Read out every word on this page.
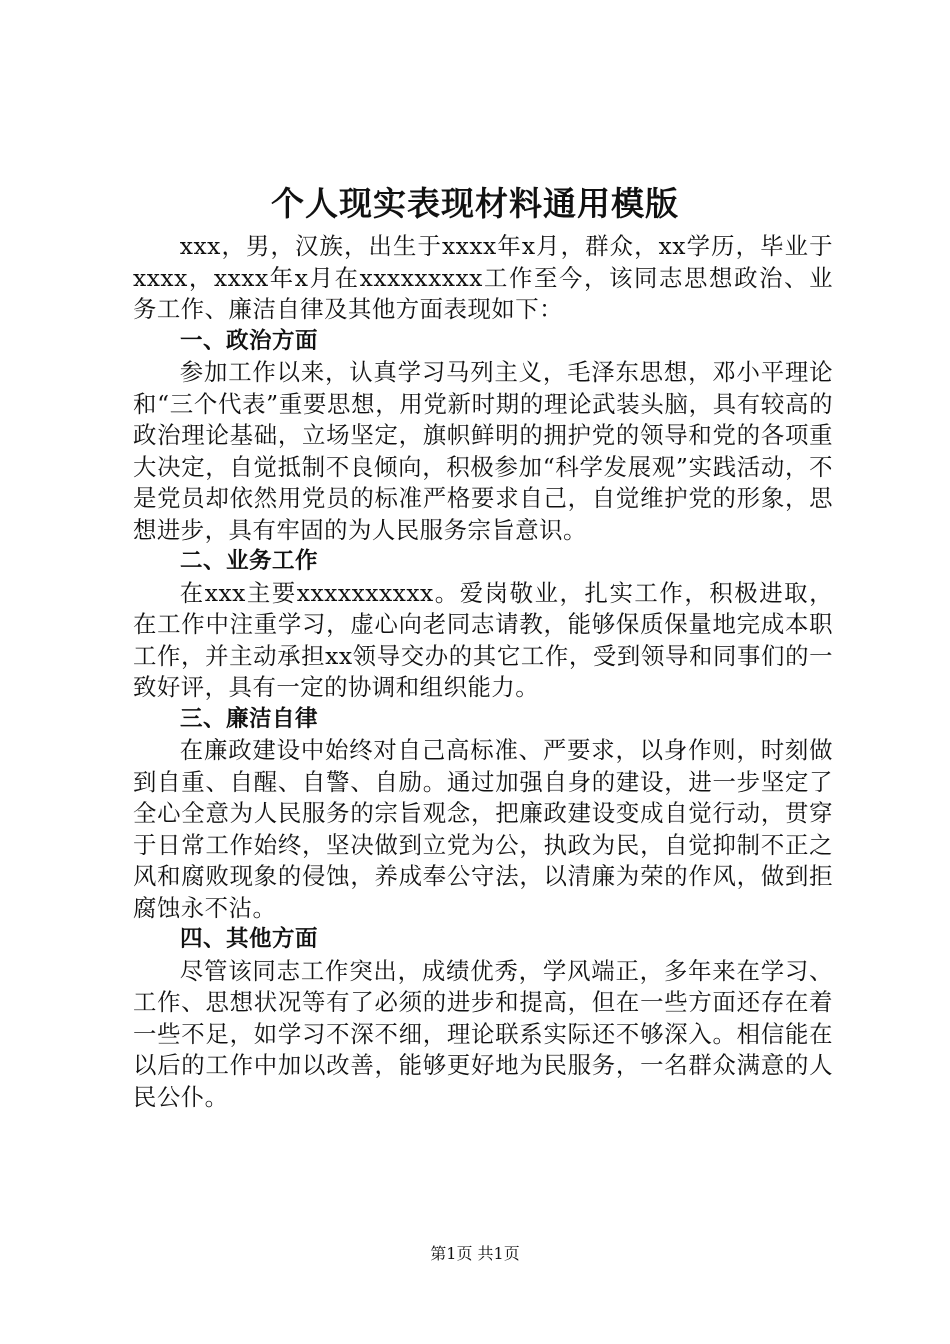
个人现实表现材料通用模版

xxx，男，汉族，出生于xxxx年x月，群众，xx学历，毕业于xxxx，xxxx年x月在xxxxxxxxx工作至今，该同志思想政治、业务工作、廉洁自律及其他方面表现如下：

一、政治方面

参加工作以来，认真学习马列主义，毛泽东思想，邓小平理论和“三个代表”重要思想，用党新时期的理论武装头脑，具有较高的政治理论基础，立场坚定，旗帜鲜明的拥护党的领导和党的各项重大决定，自觉抵制不良倾向，积极参加“科学发展观”实践活动，不是党员却依然用党员的标准严格要求自己，自觉维护党的形象，思想进步，具有牢固的为人民服务宗旨意识。

二、业务工作

在xxx主要xxxxxxxxxx。爱岗敬业，扎实工作，积极进取，在工作中注重学习，虚心向老同志请教，能够保质保量地完成本职工作，并主动承担xx领导交办的其它工作，受到领导和同事们的一致好评，具有一定的协调和组织能力。

三、廉洁自律

在廉政建设中始终对自己高标准、严要求，以身作则，时刻做到自重、自醒、自警、自励。通过加强自身的建设，进一步坚定了全心全意为人民服务的宗旨观念，把廉政建设变成自觉行动，贯穿于日常工作始终，坚决做到立党为公，执政为民，自觉抑制不正之风和腐败现象的侵蚀，养成奉公守法，以清廉为荣的作风，做到拒腐蚀永不沾。

四、其他方面

尽管该同志工作突出，成绩优秀，学风端正，多年来在学习、工作、思想状况等有了必须的进步和提高，但在一些方面还存在着一些不足，如学习不深不细，理论联系实际还不够深入。相信能在以后的工作中加以改善，能够更好地为民服务，一名群众满意的人民公仆。

第1页 共1页
